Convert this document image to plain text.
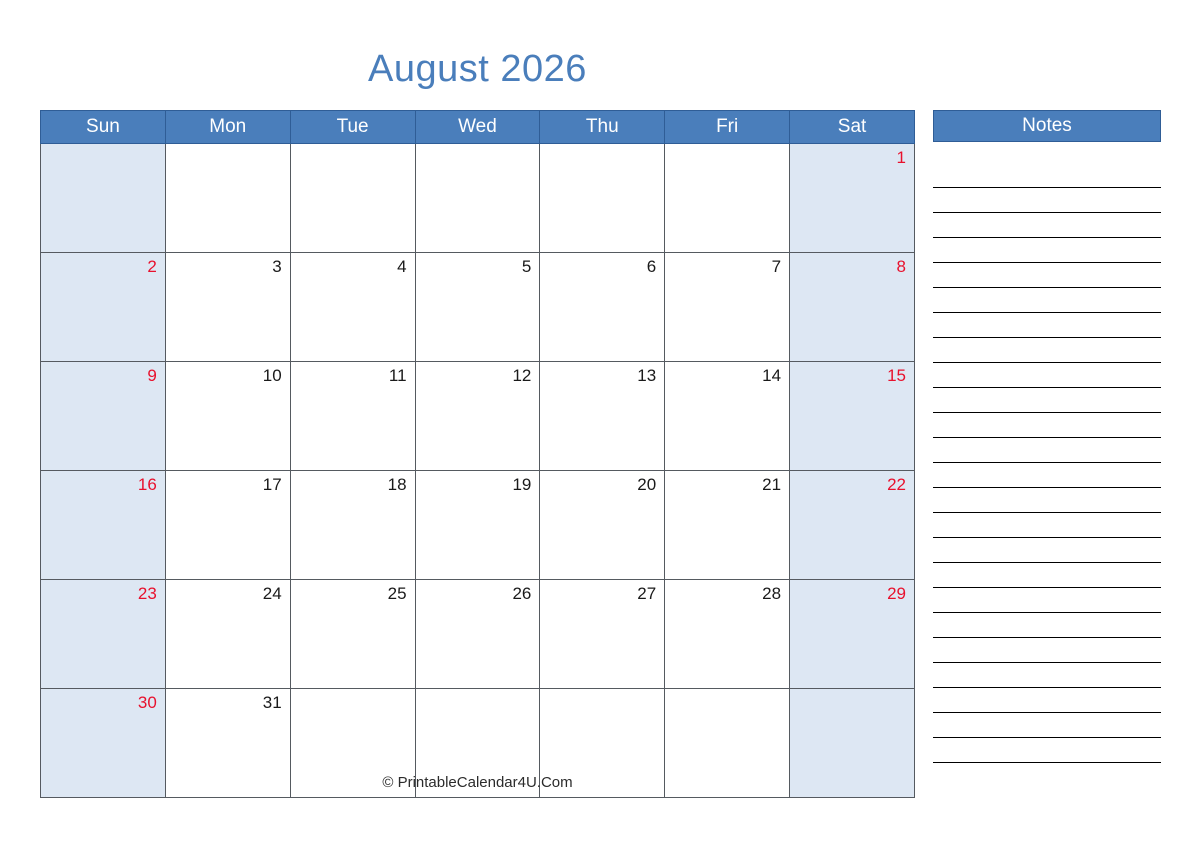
August 2026
Sun	Mon	Tue	Wed	Thu	Fri	Sat
						1
2	3	4	5	6	7	8
9	10	11	12	13	14	15
16	17	18	19	20	21	22
23	24	25	26	27	28	29
30	31					
Notes
© PrintableCalendar4U.Com
